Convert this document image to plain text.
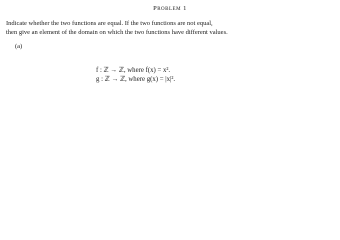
Problem 1
Indicate whether the two functions are equal. If the two functions are not equal,
then give an element of the domain on which the two functions have different values.
(a)
f : ℤ → ℤ, where f(x) = x².
g : ℤ → ℤ, where g(x) = |x|².
